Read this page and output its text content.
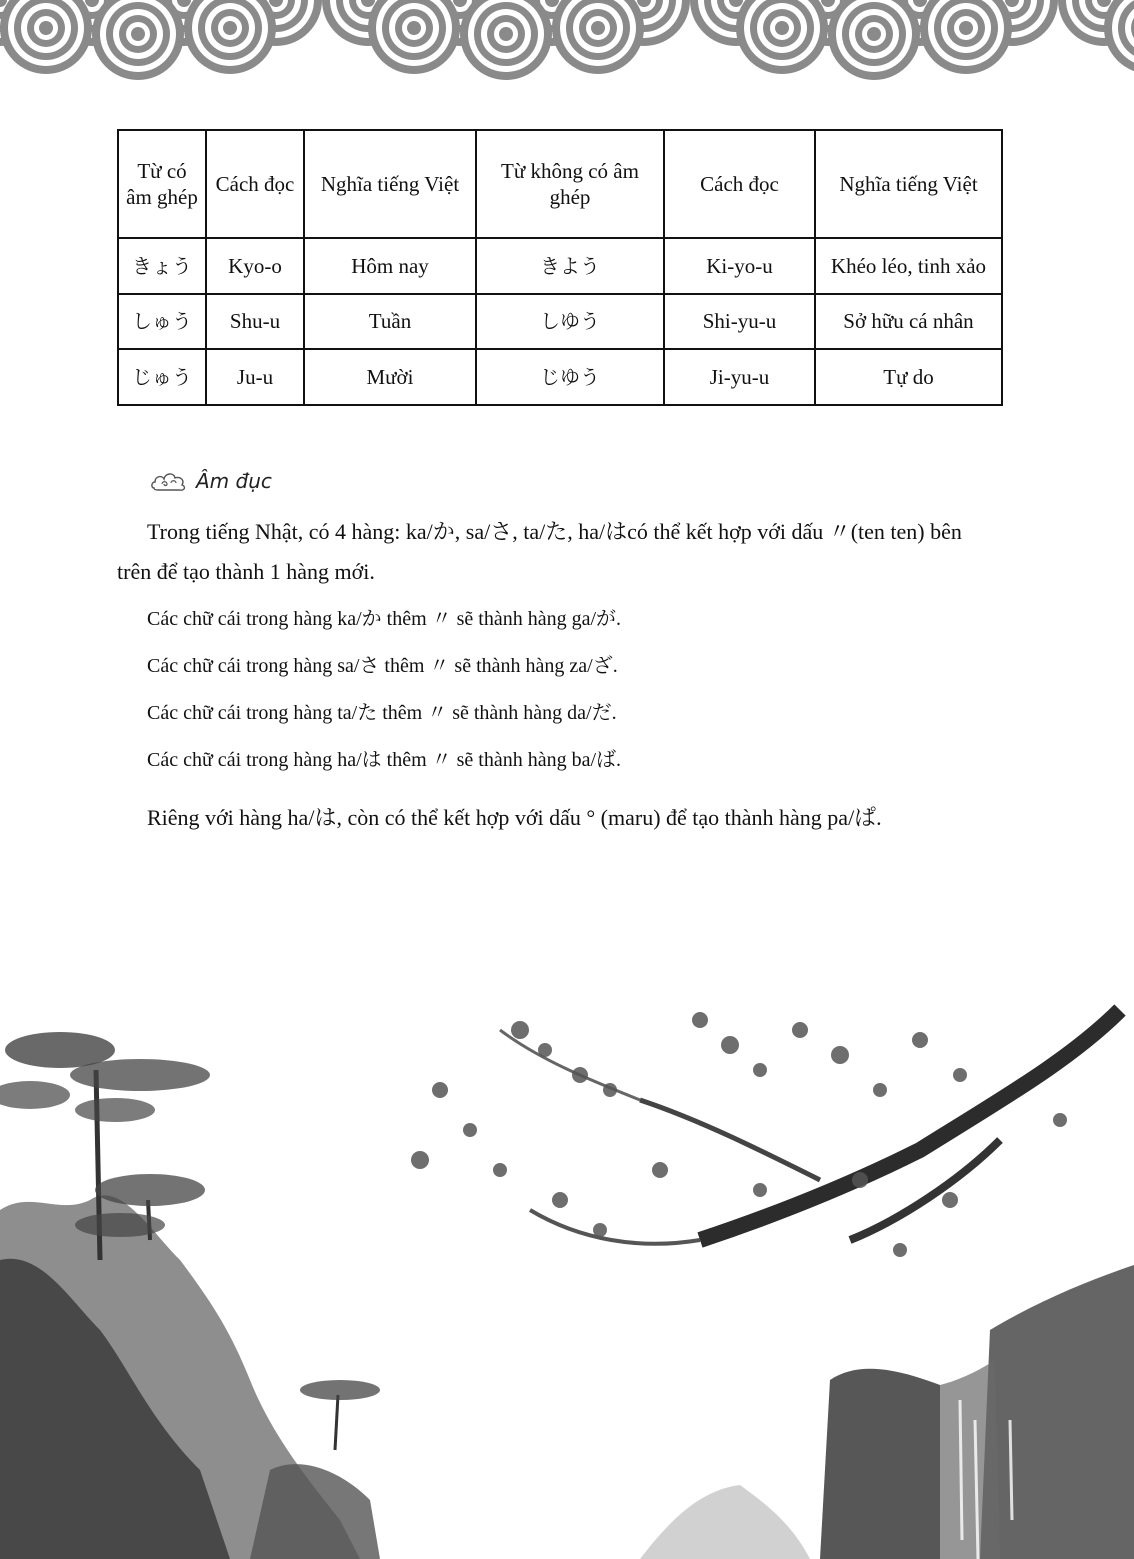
Từ có âm ghép	Cách đọc	Nghĩa tiếng Việt	Từ không có âm ghép	Cách đọc	Nghĩa tiếng Việt
きょう	Kyo-o	Hôm nay	きよう	Ki-yo-u	Khéo léo, tinh xảo
しゅう	Shu-u	Tuần	しゆう	Shi-yu-u	Sở hữu cá nhân
じゅう	Ju-u	Mười	じゆう	Ji-yu-u	Tự do
Âm đục

Trong tiếng Nhật, có 4 hàng: ka/か, sa/さ, ta/た, ha/はcó thể kết hợp với dấu 〃(ten ten) bên trên để tạo thành 1 hàng mới.

Các chữ cái trong hàng ka/か thêm 〃 sẽ thành hàng ga/が.

Các chữ cái trong hàng sa/さ thêm 〃 sẽ thành hàng za/ざ.

Các chữ cái trong hàng ta/た thêm 〃 sẽ thành hàng da/だ.

Các chữ cái trong hàng ha/は thêm 〃 sẽ thành hàng ba/ば.

Riêng với hàng ha/は, còn có thể kết hợp với dấu ° (maru) để tạo thành hàng pa/ぱ.
